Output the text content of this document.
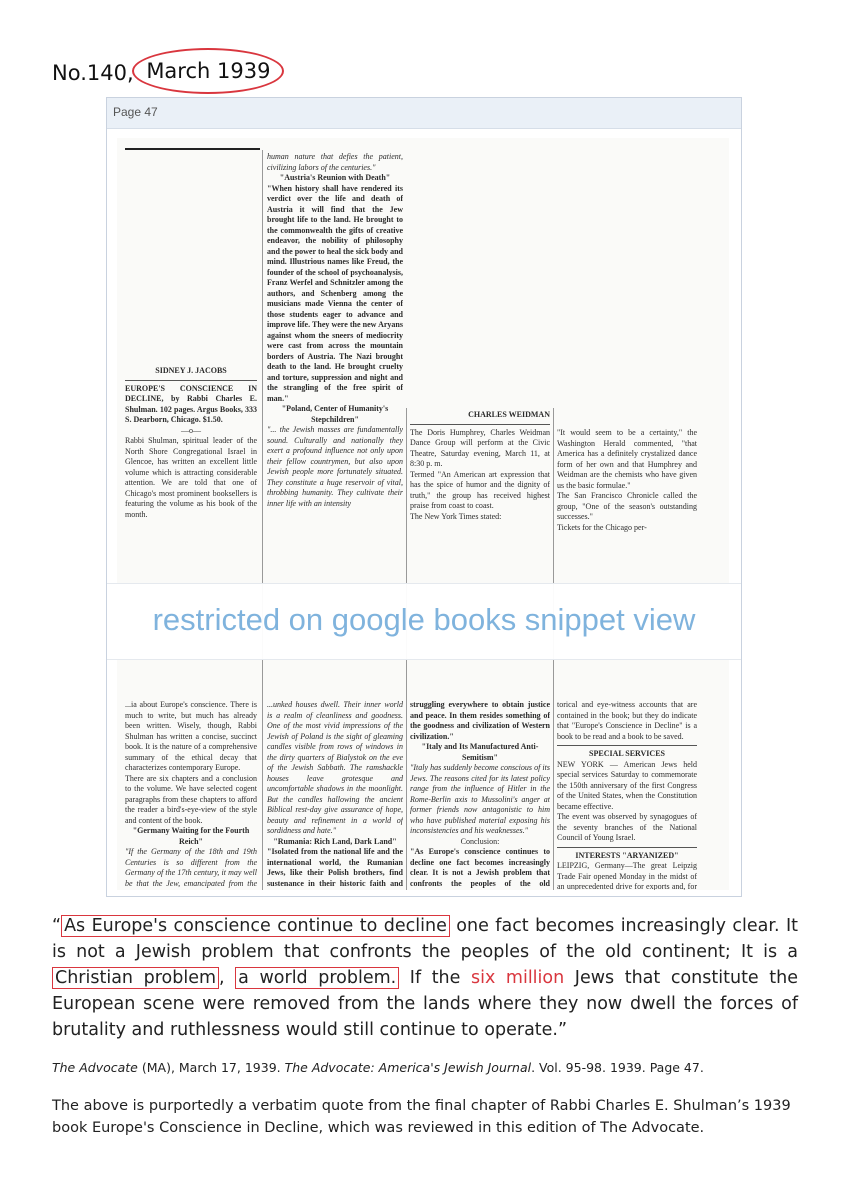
No.140, March 1939
Page 47

SIDNEY J. JACOBS

EUROPE'S CONSCIENCE IN DECLINE, by Rabbi Charles E. Shulman. 102 pages. Argus Books, 333 S. Dearborn, Chicago. $1.50.

—o—

Rabbi Shulman, spiritual leader of the North Shore Congregational Israel in Glencoe, has written an excellent little volume which is attracting considerable attention. We are told that one of Chicago's most prominent booksellers is featuring the volume as his book of the month.

...ia about Europe's conscience. There is much to write, but much has already been written. Wisely, though, Rabbi Shulman has written a concise, succinct book. It is the nature of a comprehensive summary of the ethical decay that characterizes contemporary Europe.

There are six chapters and a conclusion to the volume. We have selected cogent paragraphs from these chapters to afford the reader a bird's-eye-view of the style and content of the book.

"Germany Waiting for the Fourth Reich"

"If the Germany of the 18th and 19th Centuries is so different from the Germany of the 17th century, it may well be that the Jew, emancipated from the

human nature that defies the patient, civilizing labors of the centuries."

"Austria's Reunion with Death"

"When history shall have rendered its verdict over the life and death of Austria it will find that the Jew brought life to the land. He brought to the commonwealth the gifts of creative endeavor, the nobility of philosophy and the power to heal the sick body and mind. Illustrious names like Freud, the founder of the school of psychoanalysis, Franz Werfel and Schnitzler among the authors, and Schenberg among the musicians made Vienna the center of those students eager to advance and improve life. They were the new Aryans against whom the sneers of mediocrity were cast from across the mountain borders of Austria. The Nazi brought death to the land. He brought cruelty and torture, suppression and night and the strangling of the free spirit of man."

"Poland, Center of Humanity's Stepchildren"

"... the Jewish masses are fundamentally sound. Culturally and nationally they exert a profound influence not only upon their fellow countrymen, but also upon Jewish people more fortunately situated. They constitute a huge reservoir of vital, throbbing humanity. They cultivate their inner life with an intensity

...unked houses dwell. Their inner world is a realm of cleanliness and goodness. One of the most vivid impressions of the Jewish of Poland is the sight of gleaming candles visible from rows of windows in the dirty quarters of Bialystok on the eve of the Jewish Sabbath. The ramshackle houses leave grotesque and uncomfortable shadows in the moonlight. But the candles hallowing the ancient Biblical rest-day give assurance of hope, beauty and refinement in a world of sordidness and hate."

"Rumania: Rich Land, Dark Land"

"Isolated from the national life and the international world, the Rumanian Jews, like their Polish brothers, find sustenance in their historic faith and

CHARLES WEIDMAN

The Doris Humphrey, Charles Weidman Dance Group will perform at the Civic Theatre, Saturday evening, March 11, at 8:30 p. m.

Termed "An American art expression that has the spice of humor and the dignity of truth," the group has received highest praise from coast to coast.

The New York Times stated:

struggling everywhere to obtain justice and peace. In them resides something of the goodness and civilization of Western civilization."

"Italy and Its Manufactured Anti-Semitism"

"Italy has suddenly become conscious of its Jews. The reasons cited for its latest policy range from the influence of Hitler in the Rome-Berlin axis to Mussolini's anger at former friends now antagonistic to him who have published material exposing his inconsistencies and his weaknesses."

Conclusion:

"As Europe's conscience continues to decline one fact becomes increasingly clear. It is not a Jewish problem that confronts the peoples of the old

"It would seem to be a certainty," the Washington Herald commented, "that America has a definitely crystalized dance form of her own and that Humphrey and Weidman are the chemists who have given us the basic formulae."

The San Francisco Chronicle called the group, "One of the season's outstanding successes."

Tickets for the Chicago per-

torical and eye-witness accounts that are contained in the book; but they do indicate that "Europe's Conscience in Decline" is a book to be read and a book to be saved.

SPECIAL SERVICES

NEW YORK — American Jews held special services Saturday to commemorate the 150th anniversary of the first Congress of the United States, when the Constitution became effective.

The event was observed by synagogues of the seventy branches of the National Council of Young Israel.

INTERESTS "ARYANIZED"

LEIPZIG, Germany—The great Leipzig Trade Fair opened Monday in the midst of an unprecedented drive for exports and, for

restricted on google books snippet view
“ As Europe's conscience continue to decline one fact becomes increasingly clear. It is not a Jewish problem that confronts the peoples of the old continent; It is a Christian problem , a world problem. If the six million Jews that constitute the European scene were removed from the lands where they now dwell the forces of brutality and ruthlessness would still continue to operate.”
The Advocate (MA), March 17, 1939. The Advocate: America's Jewish Journal. Vol. 95-98. 1939. Page 47.
The above is purportedly a verbatim quote from the final chapter of Rabbi Charles E. Shulman’s 1939 book Europe's Conscience in Decline, which was reviewed in this edition of The Advocate.
